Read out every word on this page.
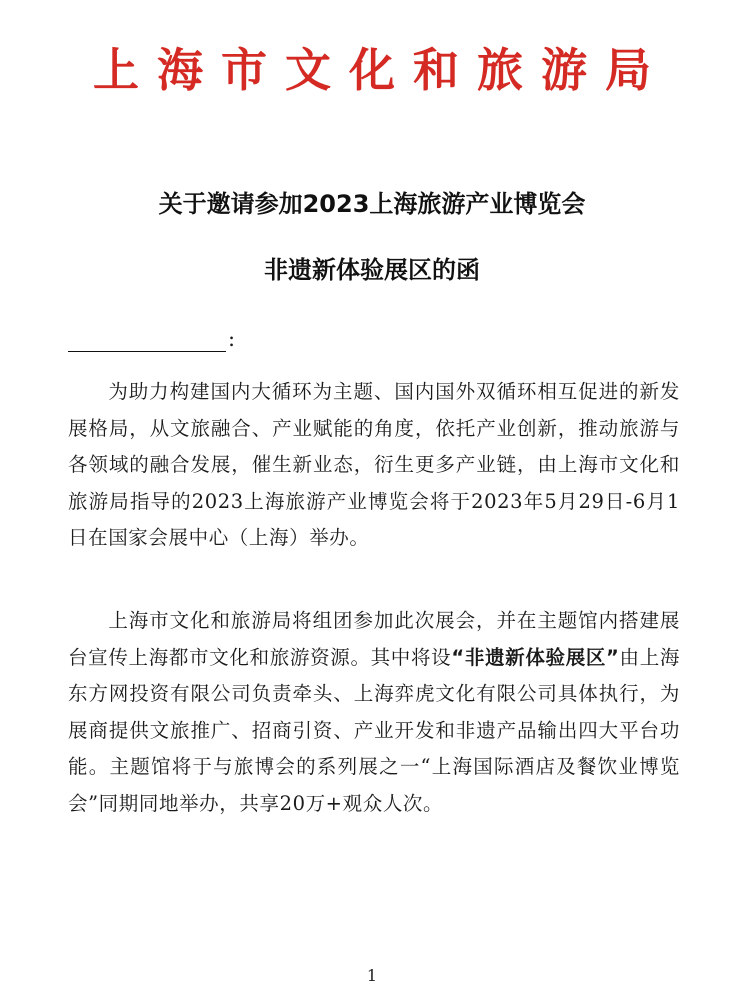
上海市文化和旅游局
关于邀请参加2023上海旅游产业博览会
非遗新体验展区的函
:
为助力构建国内大循环为主题、国内国外双循环相互促进的新发展格局，从文旅融合、产业赋能的角度，依托产业创新，推动旅游与各领域的融合发展，催生新业态，衍生更多产业链，由上海市文化和旅游局指导的2023上海旅游产业博览会将于2023年5月29日-6月1日在国家会展中心（上海）举办。
上海市文化和旅游局将组团参加此次展会，并在主题馆内搭建展台宣传上海都市文化和旅游资源。其中将设“非遗新体验展区”由上海东方网投资有限公司负责牵头、上海弈虎文化有限公司具体执行，为展商提供文旅推广、招商引资、产业开发和非遗产品输出四大平台功能。主题馆将于与旅博会的系列展之一“上海国际酒店及餐饮业博览会”同期同地举办，共享20万+观众人次。
1
